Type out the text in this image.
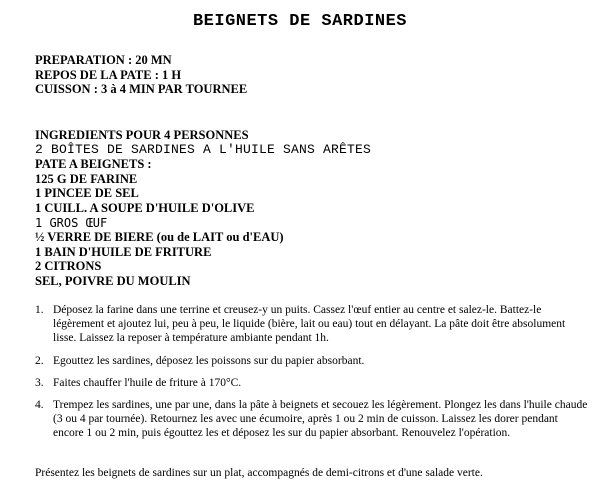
BEIGNETS DE SARDINES
PREPARATION : 20 MN
REPOS DE LA PATE : 1 H
CUISSON : 3 à 4 MIN PAR TOURNEE
INGREDIENTS POUR 4 PERSONNES
2 BOÎTES DE SARDINES A L'HUILE SANS ARÊTES
PATE A BEIGNETS :
125 G DE FARINE
1 PINCEE DE SEL
1 CUILL. A SOUPE D'HUILE D'OLIVE
1 GROS ŒUF
½ VERRE DE BIERE (ou de LAIT ou d'EAU)
1 BAIN D'HUILE DE FRITURE
2 CITRONS
SEL, POIVRE DU MOULIN
1. Déposez la farine dans une terrine et creusez-y un puits. Cassez l'œuf entier au centre et salez-le. Battez-le légèrement et ajoutez lui, peu à peu, le liquide (bière, lait ou eau) tout en délayant. La pâte doit être absolument lisse. Laissez la reposer à température ambiante pendant 1h.
2. Egouttez les sardines, déposez les poissons sur du papier absorbant.
3. Faites chauffer l'huile de friture à 170°C.
4. Trempez les sardines, une par une, dans la pâte à beignets et secouez les légèrement. Plongez les dans l'huile chaude (3 ou 4 par tournée). Retournez les avec une écumoire, après 1 ou 2 min de cuisson. Laissez les dorer pendant encore 1 ou 2 min, puis égouttez les et déposez les sur du papier absorbant. Renouvelez l'opération.
Présentez les beignets de sardines sur un plat, accompagnés de demi-citrons et d'une salade verte.
